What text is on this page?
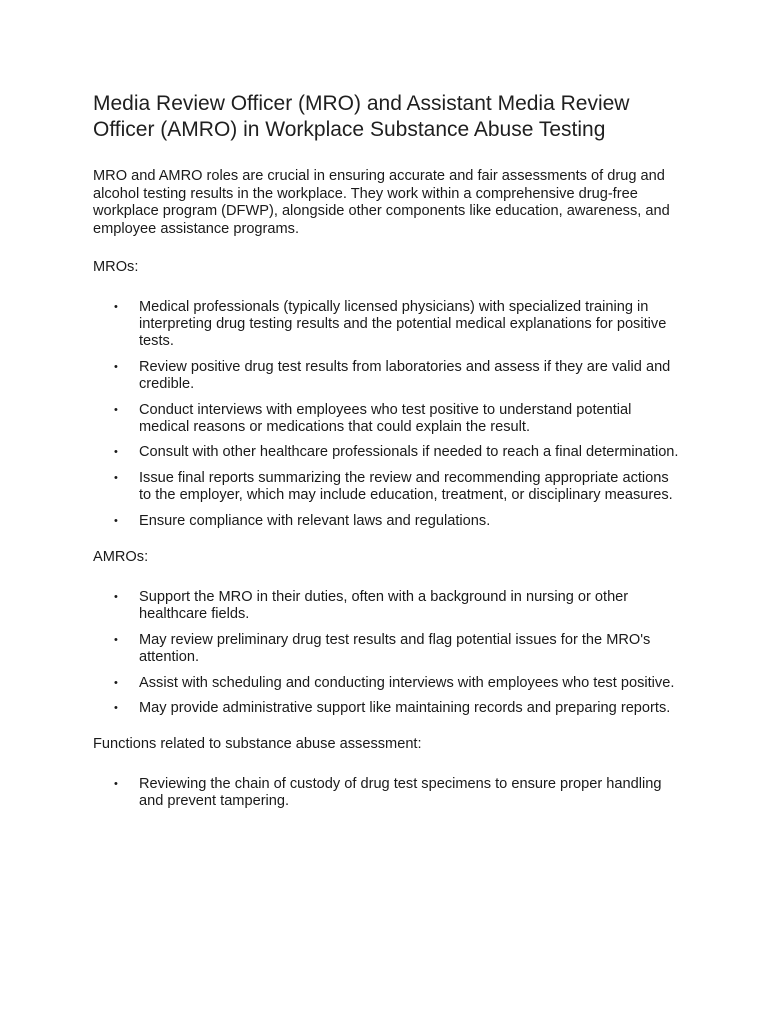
Media Review Officer (MRO) and Assistant Media Review Officer (AMRO) in Workplace Substance Abuse Testing

MRO and AMRO roles are crucial in ensuring accurate and fair assessments of drug and alcohol testing results in the workplace. They work within a comprehensive drug-free workplace program (DFWP), alongside other components like education, awareness, and employee assistance programs.

MROs:

• Medical professionals (typically licensed physicians) with specialized training in interpreting drug testing results and the potential medical explanations for positive tests.
• Review positive drug test results from laboratories and assess if they are valid and credible.
• Conduct interviews with employees who test positive to understand potential medical reasons or medications that could explain the result.
• Consult with other healthcare professionals if needed to reach a final determination.
• Issue final reports summarizing the review and recommending appropriate actions to the employer, which may include education, treatment, or disciplinary measures.
• Ensure compliance with relevant laws and regulations.

AMROs:

• Support the MRO in their duties, often with a background in nursing or other healthcare fields.
• May review preliminary drug test results and flag potential issues for the MRO's attention.
• Assist with scheduling and conducting interviews with employees who test positive.
• May provide administrative support like maintaining records and preparing reports.

Functions related to substance abuse assessment:

• Reviewing the chain of custody of drug test specimens to ensure proper handling and prevent tampering.
